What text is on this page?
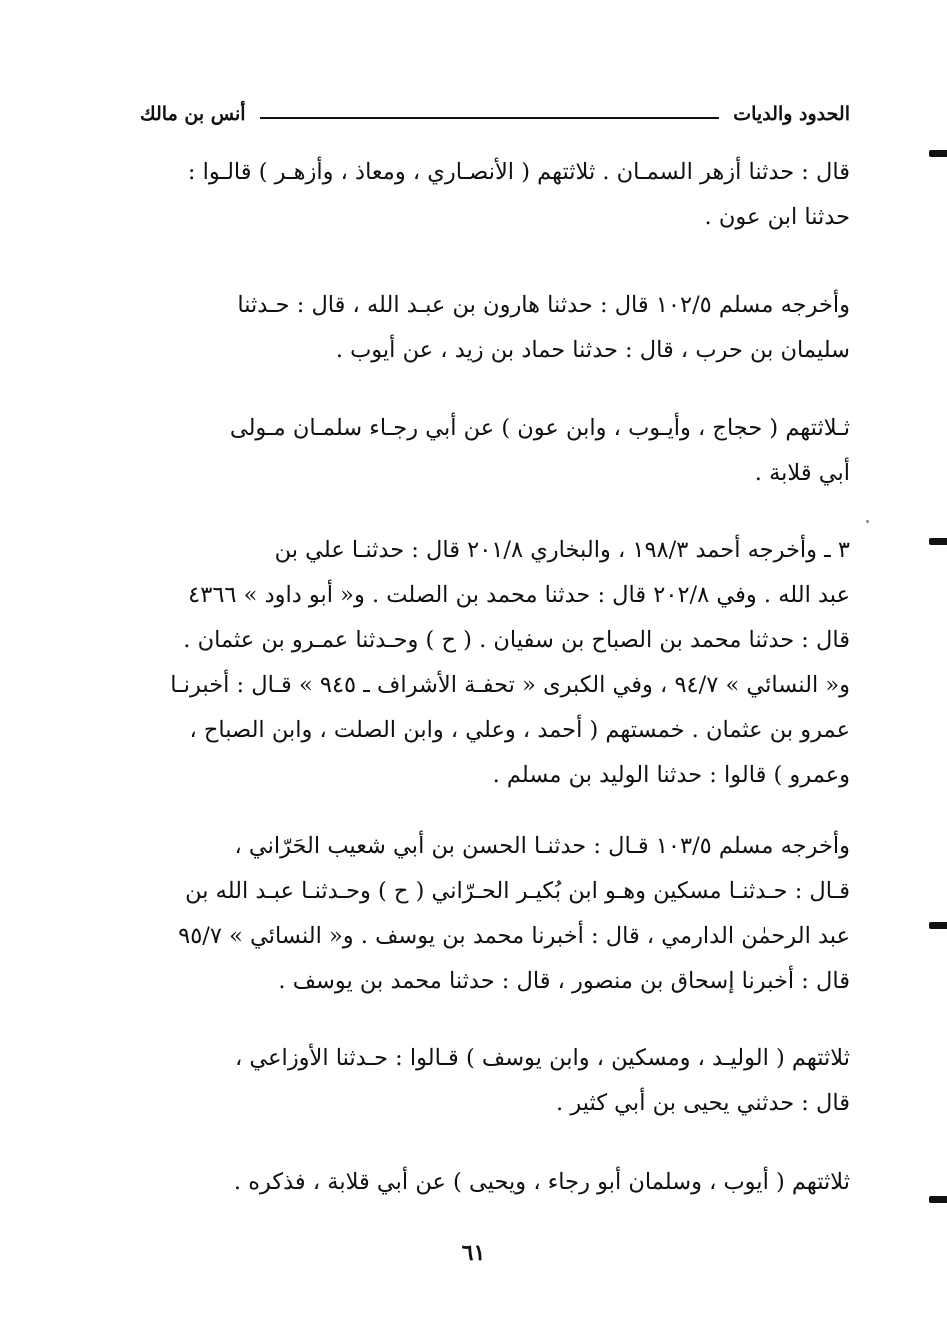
الحدود والديات
أنس بن مالك
قال : حدثنا أزهر السمـان . ثلاثتهم ( الأنصـاري ، ومعاذ ، وأزهـر ) قالـوا :
حدثنا ابن عون .
وأخرجه مسلم ١٠٢/٥ قال : حدثنا هارون بن عبـد الله ، قال : حـدثنا
سليمان بن حرب ، قال : حدثنا حماد بن زيد ، عن أيوب .
ثـلاثتهم ( حجاج ، وأيـوب ، وابن عون ) عن أبي رجـاء سلمـان مـولى
أبي قلابة .
٣ ـ وأخرجه أحمد ١٩٨/٣ ، والبخاري ٢٠١/٨ قال : حدثنـا علي بن
عبد الله . وفي ٢٠٢/٨ قال : حدثنا محمد بن الصلت . و« أبو داود » ٤٣٦٦
قال : حدثنا محمد بن الصباح بن سفيان . ( ح ) وحـدثنا عمـرو بن عثمان .
و« النسائي » ٩٤/٧ ، وفي الكبرى « تحفـة الأشراف ـ ٩٤٥ » قـال : أخبرنـا
عمرو بن عثمان . خمستهم ( أحمد ، وعلي ، وابن الصلت ، وابن الصباح ،
وعمرو ) قالوا : حدثنا الوليد بن مسلم .
وأخرجه مسلم ١٠٣/٥ قـال : حدثنـا الحسن بن أبي شعيب الحَرّاني ،
قـال : حـدثنـا مسكين وهـو ابن بُكيـر الحـرّاني ( ح ) وحـدثنـا عبـد الله بن
عبد الرحمٰن الدارمي ، قال : أخبرنا محمد بن يوسف . و« النسائي » ٩٥/٧
قال : أخبرنا إسحاق بن منصور ، قال : حدثنا محمد بن يوسف .
ثلاثتهم ( الوليـد ، ومسكين ، وابن يوسف ) قـالوا : حـدثنا الأوزاعي ،
قال : حدثني يحيى بن أبي كثير .
ثلاثتهم ( أيوب ، وسلمان أبو رجاء ، ويحيى ) عن أبي قلابة ، فذكره .
٦١
